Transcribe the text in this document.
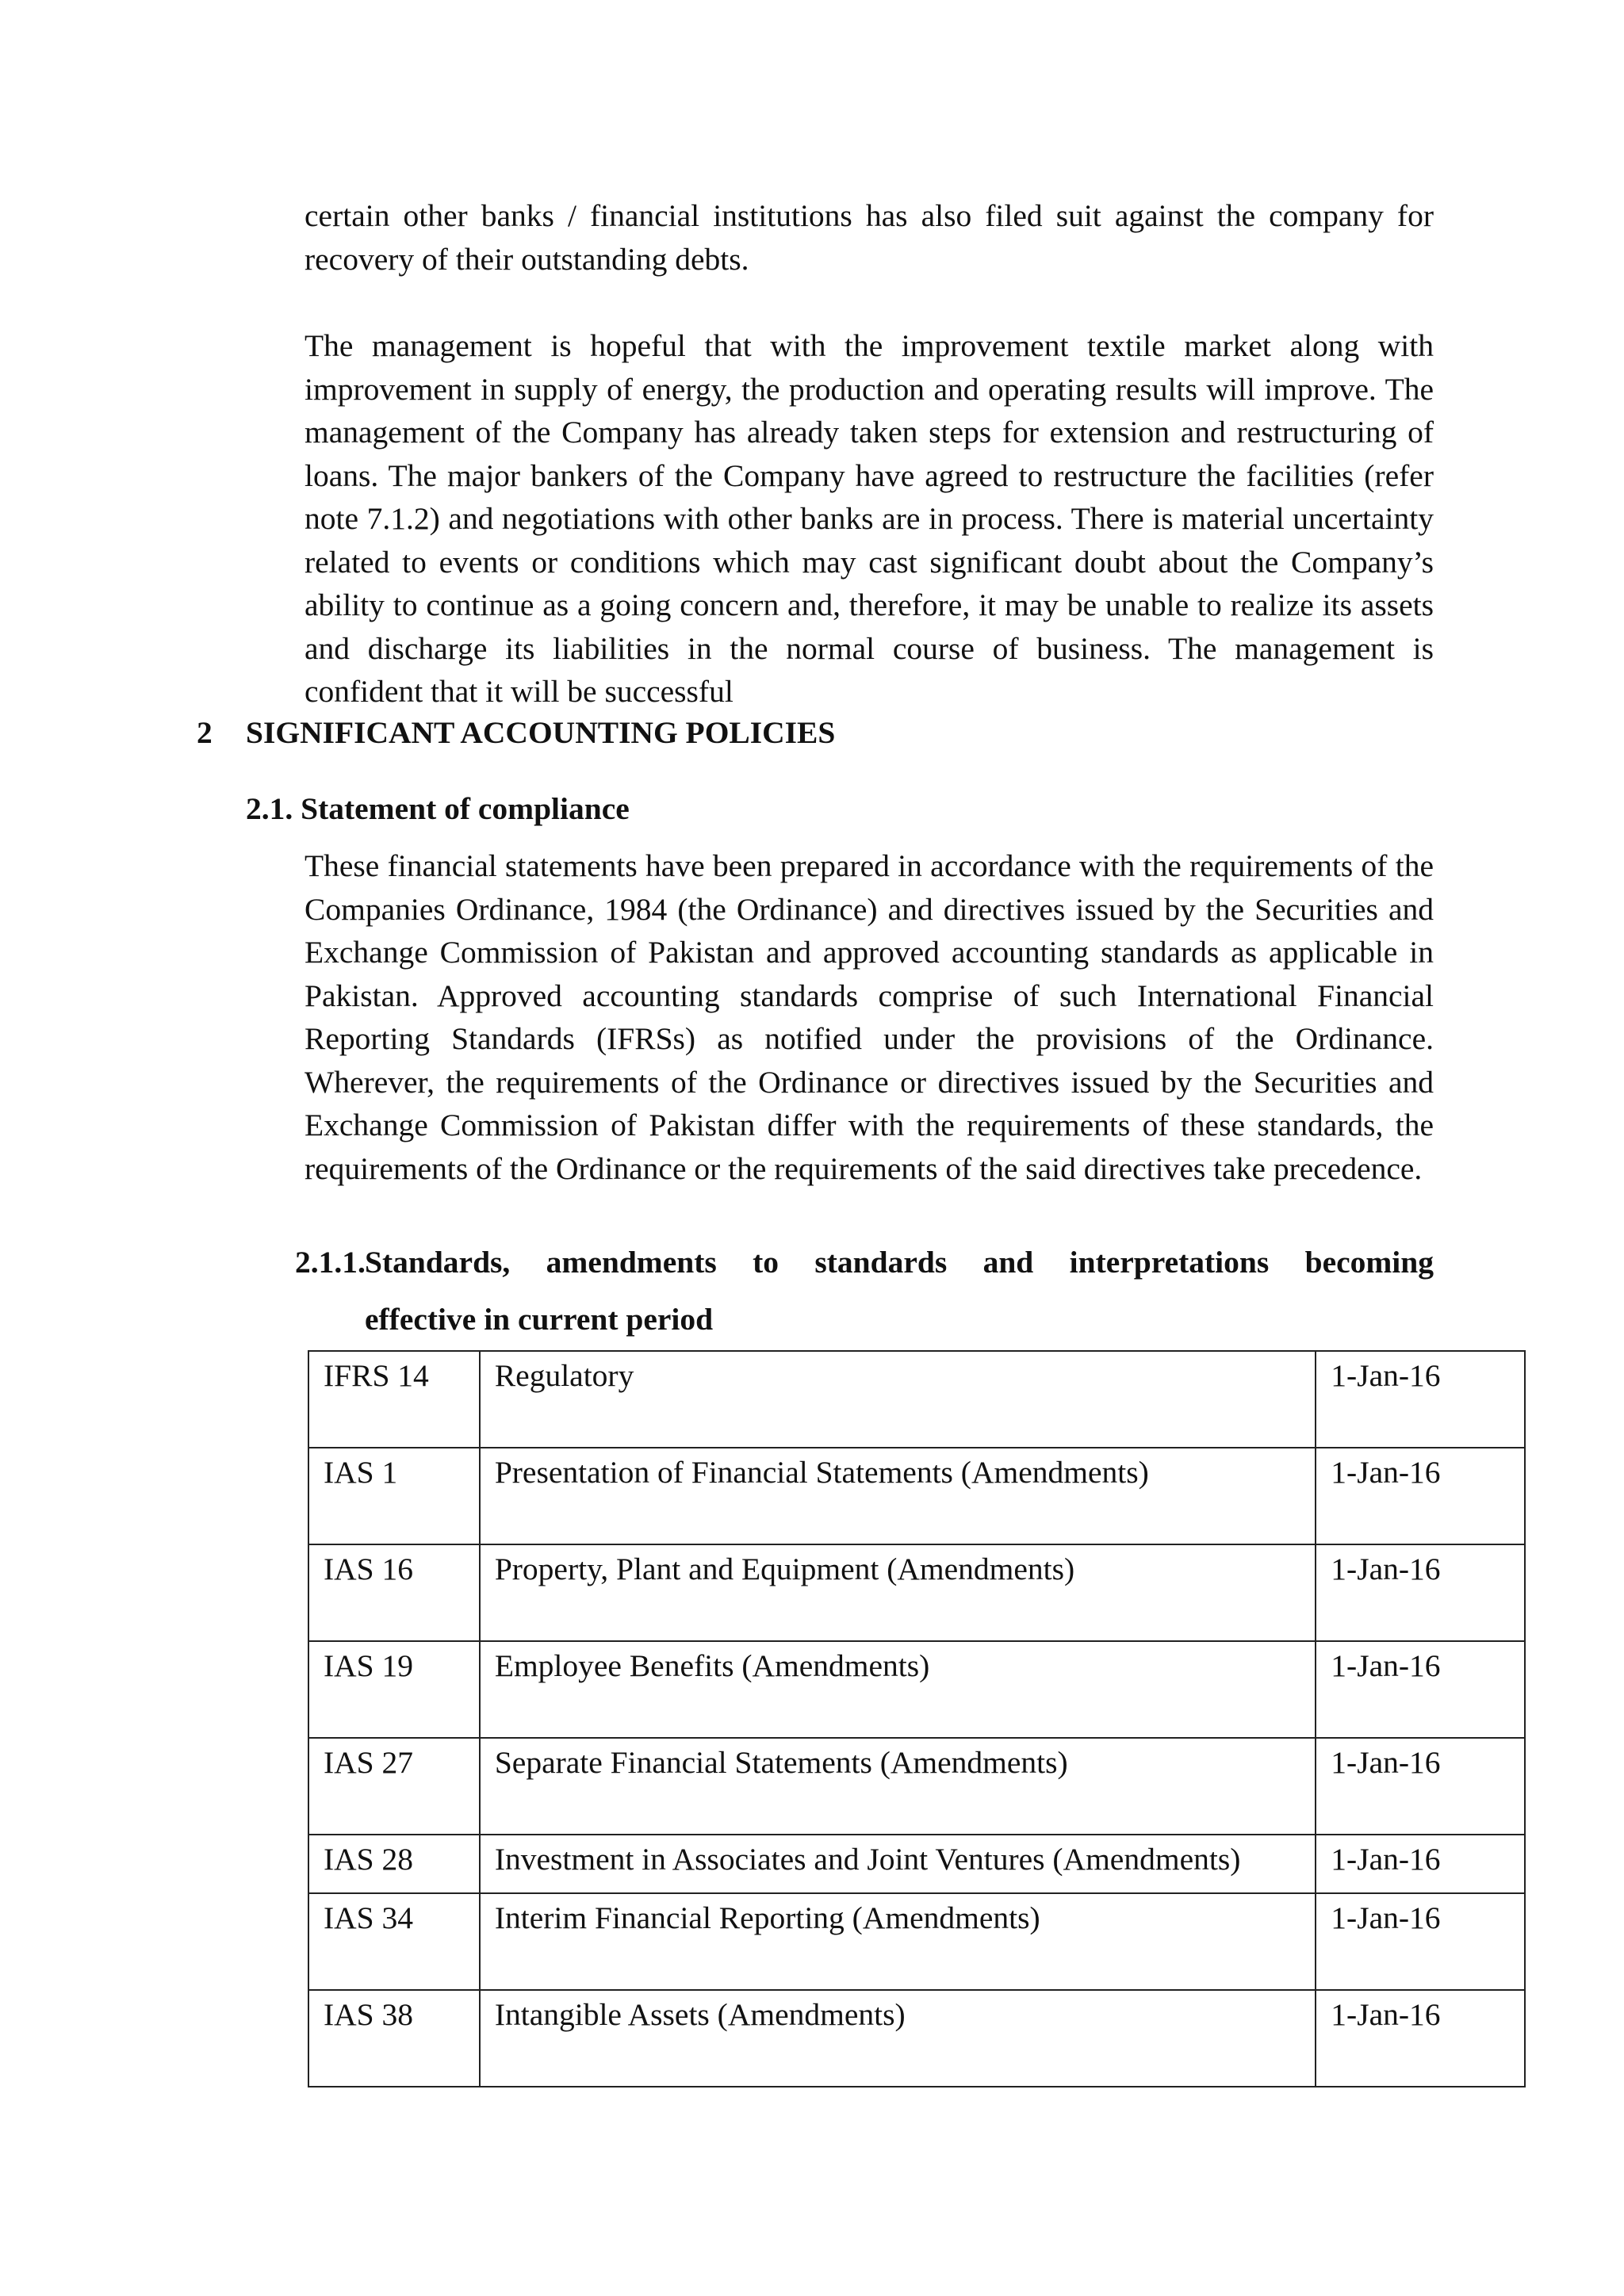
certain other banks / financial institutions has also filed suit against the company for recovery of their outstanding debts.

The management is hopeful that with the improvement textile market along with improvement in supply of energy, the production and operating results will improve. The management of the Company has already taken steps for extension and restructuring of loans. The major bankers of the Company have agreed to restructure the facilities (refer note 7.1.2) and negotiations with other banks are in process. There is material uncertainty related to events or conditions which may cast significant doubt about the Company’s ability to continue as a going concern and, therefore, it may be unable to realize its assets and discharge its liabilities in the normal course of business. The management is confident that it will be successful

2 SIGNIFICANT ACCOUNTING POLICIES
2.1. Statement of compliance

These financial statements have been prepared in accordance with the requirements of the Companies Ordinance, 1984 (the Ordinance) and directives issued by the Securities and Exchange Commission of Pakistan and approved accounting standards as applicable in Pakistan. Approved accounting standards comprise of such International Financial Reporting Standards (IFRSs) as notified under the provisions of the Ordinance. Wherever, the requirements of the Ordinance or directives issued by the Securities and Exchange Commission of Pakistan differ with the requirements of these standards, the requirements of the Ordinance or the requirements of the said directives take precedence.

2.1.1.Standards, amendments to standards and interpretations becoming
effective in current period
IFRS 14	Regulatory	1-Jan-16
IAS 1	Presentation of Financial Statements (Amendments)	1-Jan-16
IAS 16	Property, Plant and Equipment (Amendments)	1-Jan-16
IAS 19	Employee Benefits (Amendments)	1-Jan-16
IAS 27	Separate Financial Statements (Amendments)	1-Jan-16
IAS 28	Investment in Associates and Joint Ventures (Amendments)	1-Jan-16
IAS 34	Interim Financial Reporting (Amendments)	1-Jan-16
IAS 38	Intangible Assets (Amendments)	1-Jan-16
